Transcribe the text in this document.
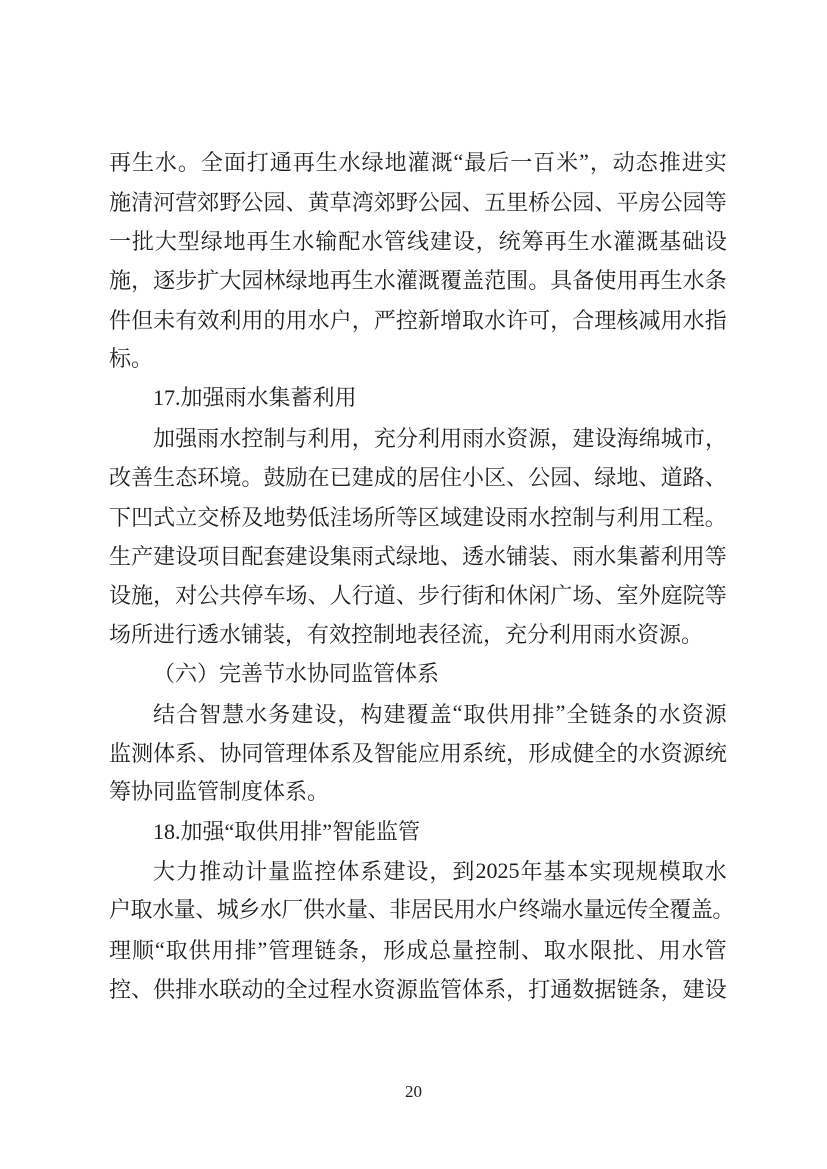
再 生 水 。 全 面 打 通 再 生 水 绿 地 灌 溉 “ 最 后 一 百 米 ” ， 动 态 推 进 实
施 清 河 营 郊 野 公 园 、 黄 草 湾 郊 野 公 园 、 五 里 桥 公 园 、 平 房 公 园 等
一 批 大 型 绿 地 再 生 水 输 配 水 管 线 建 设 ， 统 筹 再 生 水 灌 溉 基 础 设
施 ， 逐 步 扩 大 园 林 绿 地 再 生 水 灌 溉 覆 盖 范 围 。 具 备 使 用 再 生 水 条
件 但 未 有 效 利 用 的 用 水 户 ， 严 控 新 增 取 水 许 可 ， 合 理 核 减 用 水 指
标。
17.加强雨水集蓄利用
加 强 雨 水 控 制 与 利 用 ， 充 分 利 用 雨 水 资 源 ， 建 设 海 绵 城 市 ，
改 善 生 态 环 境 。 鼓 励 在 已 建 成 的 居 住 小 区 、 公 园 、 绿 地 、 道 路 、
下 凹 式 立 交 桥 及 地 势 低 洼 场 所 等 区 域 建 设 雨 水 控 制 与 利 用 工 程 。
生 产 建 设 项 目 配 套 建 设 集 雨 式 绿 地 、 透 水 铺 装 、 雨 水 集 蓄 利 用 等
设 施 ， 对 公 共 停 车 场 、 人 行 道 、 步 行 街 和 休 闲 广 场 、 室 外 庭 院 等
场所进行透水铺装，有效控制地表径流，充分利用雨水资源。
（六）完善节水协同监管体系
结 合 智 慧 水 务 建 设 ， 构 建 覆 盖 “ 取 供 用 排 ” 全 链 条 的 水 资 源
监 测 体 系 、 协 同 管 理 体 系 及 智 能 应 用 系 统 ， 形 成 健 全 的 水 资 源 统
筹协同监管制度体系。
18.加强“取供用排”智能监管
大 力 推 动 计 量 监 控 体 系 建 设 ， 到 2025 年 基 本 实 现 规 模 取 水
户取水量、城乡水厂供水量、非居民用水户终端水量远传全覆盖。
理 顺 “ 取 供 用 排 ” 管 理 链 条 ， 形 成 总 量 控 制 、 取 水 限 批 、 用 水 管
控 、 供 排 水 联 动 的 全 过 程 水 资 源 监 管 体 系 ， 打 通 数 据 链 条 ， 建 设
20
